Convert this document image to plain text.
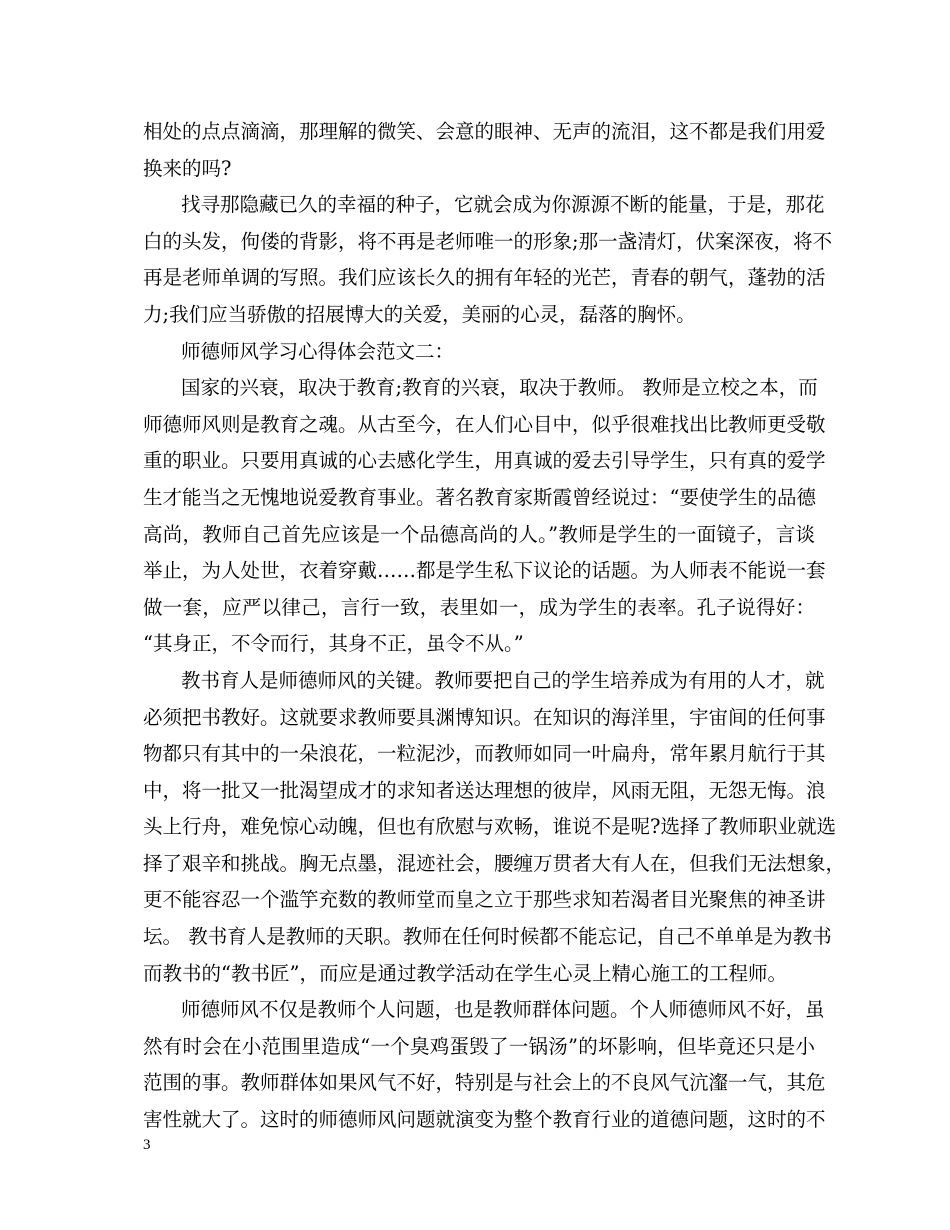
相处的点点滴滴，那理解的微笑、会意的眼神、无声的流泪，这不都是我们用爱
换来的吗?
找寻那隐藏已久的幸福的种子，它就会成为你源源不断的能量，于是，那花
白的头发，佝偻的背影，将不再是老师唯一的形象;那一盏清灯，伏案深夜，将不
再是老师单调的写照。我们应该长久的拥有年轻的光芒，青春的朝气，蓬勃的活
力;我们应当骄傲的招展博大的关爱，美丽的心灵，磊落的胸怀。
师德师风学习心得体会范文二：
国家的兴衰，取决于教育;教育的兴衰，取决于教师。 教师是立校之本，而
师德师风则是教育之魂。从古至今，在人们心目中，似乎很难找出比教师更受敬
重的职业。只要用真诚的心去感化学生，用真诚的爱去引导学生，只有真的爱学
生才能当之无愧地说爱教育事业。著名教育家斯霞曾经说过：“要使学生的品德
高尚，教师自己首先应该是一个品德高尚的人。”教师是学生的一面镜子，言谈
举止，为人处世，衣着穿戴……都是学生私下议论的话题。为人师表不能说一套
做一套，应严以律己，言行一致，表里如一，成为学生的表率。孔子说得好：
“其身正，不令而行，其身不正，虽令不从。”
教书育人是师德师风的关键。教师要把自己的学生培养成为有用的人才，就
必须把书教好。这就要求教师要具渊博知识。在知识的海洋里，宇宙间的任何事
物都只有其中的一朵浪花，一粒泥沙，而教师如同一叶扁舟，常年累月航行于其
中，将一批又一批渴望成才的求知者送达理想的彼岸，风雨无阻，无怨无悔。浪
头上行舟，难免惊心动魄，但也有欣慰与欢畅，谁说不是呢?选择了教师职业就选
择了艰辛和挑战。胸无点墨，混迹社会，腰缠万贯者大有人在，但我们无法想象，
更不能容忍一个滥竽充数的教师堂而皇之立于那些求知若渴者目光聚焦的神圣讲
坛。 教书育人是教师的天职。教师在任何时候都不能忘记，自己不单单是为教书
而教书的“教书匠”，而应是通过教学活动在学生心灵上精心施工的工程师。
师德师风不仅是教师个人问题，也是教师群体问题。个人师德师风不好，虽
然有时会在小范围里造成“一个臭鸡蛋毁了一锅汤”的坏影响，但毕竟还只是小
范围的事。教师群体如果风气不好，特别是与社会上的不良风气沆瀣一气，其危
害性就大了。这时的师德师风问题就演变为整个教育行业的道德问题，这时的不
3
